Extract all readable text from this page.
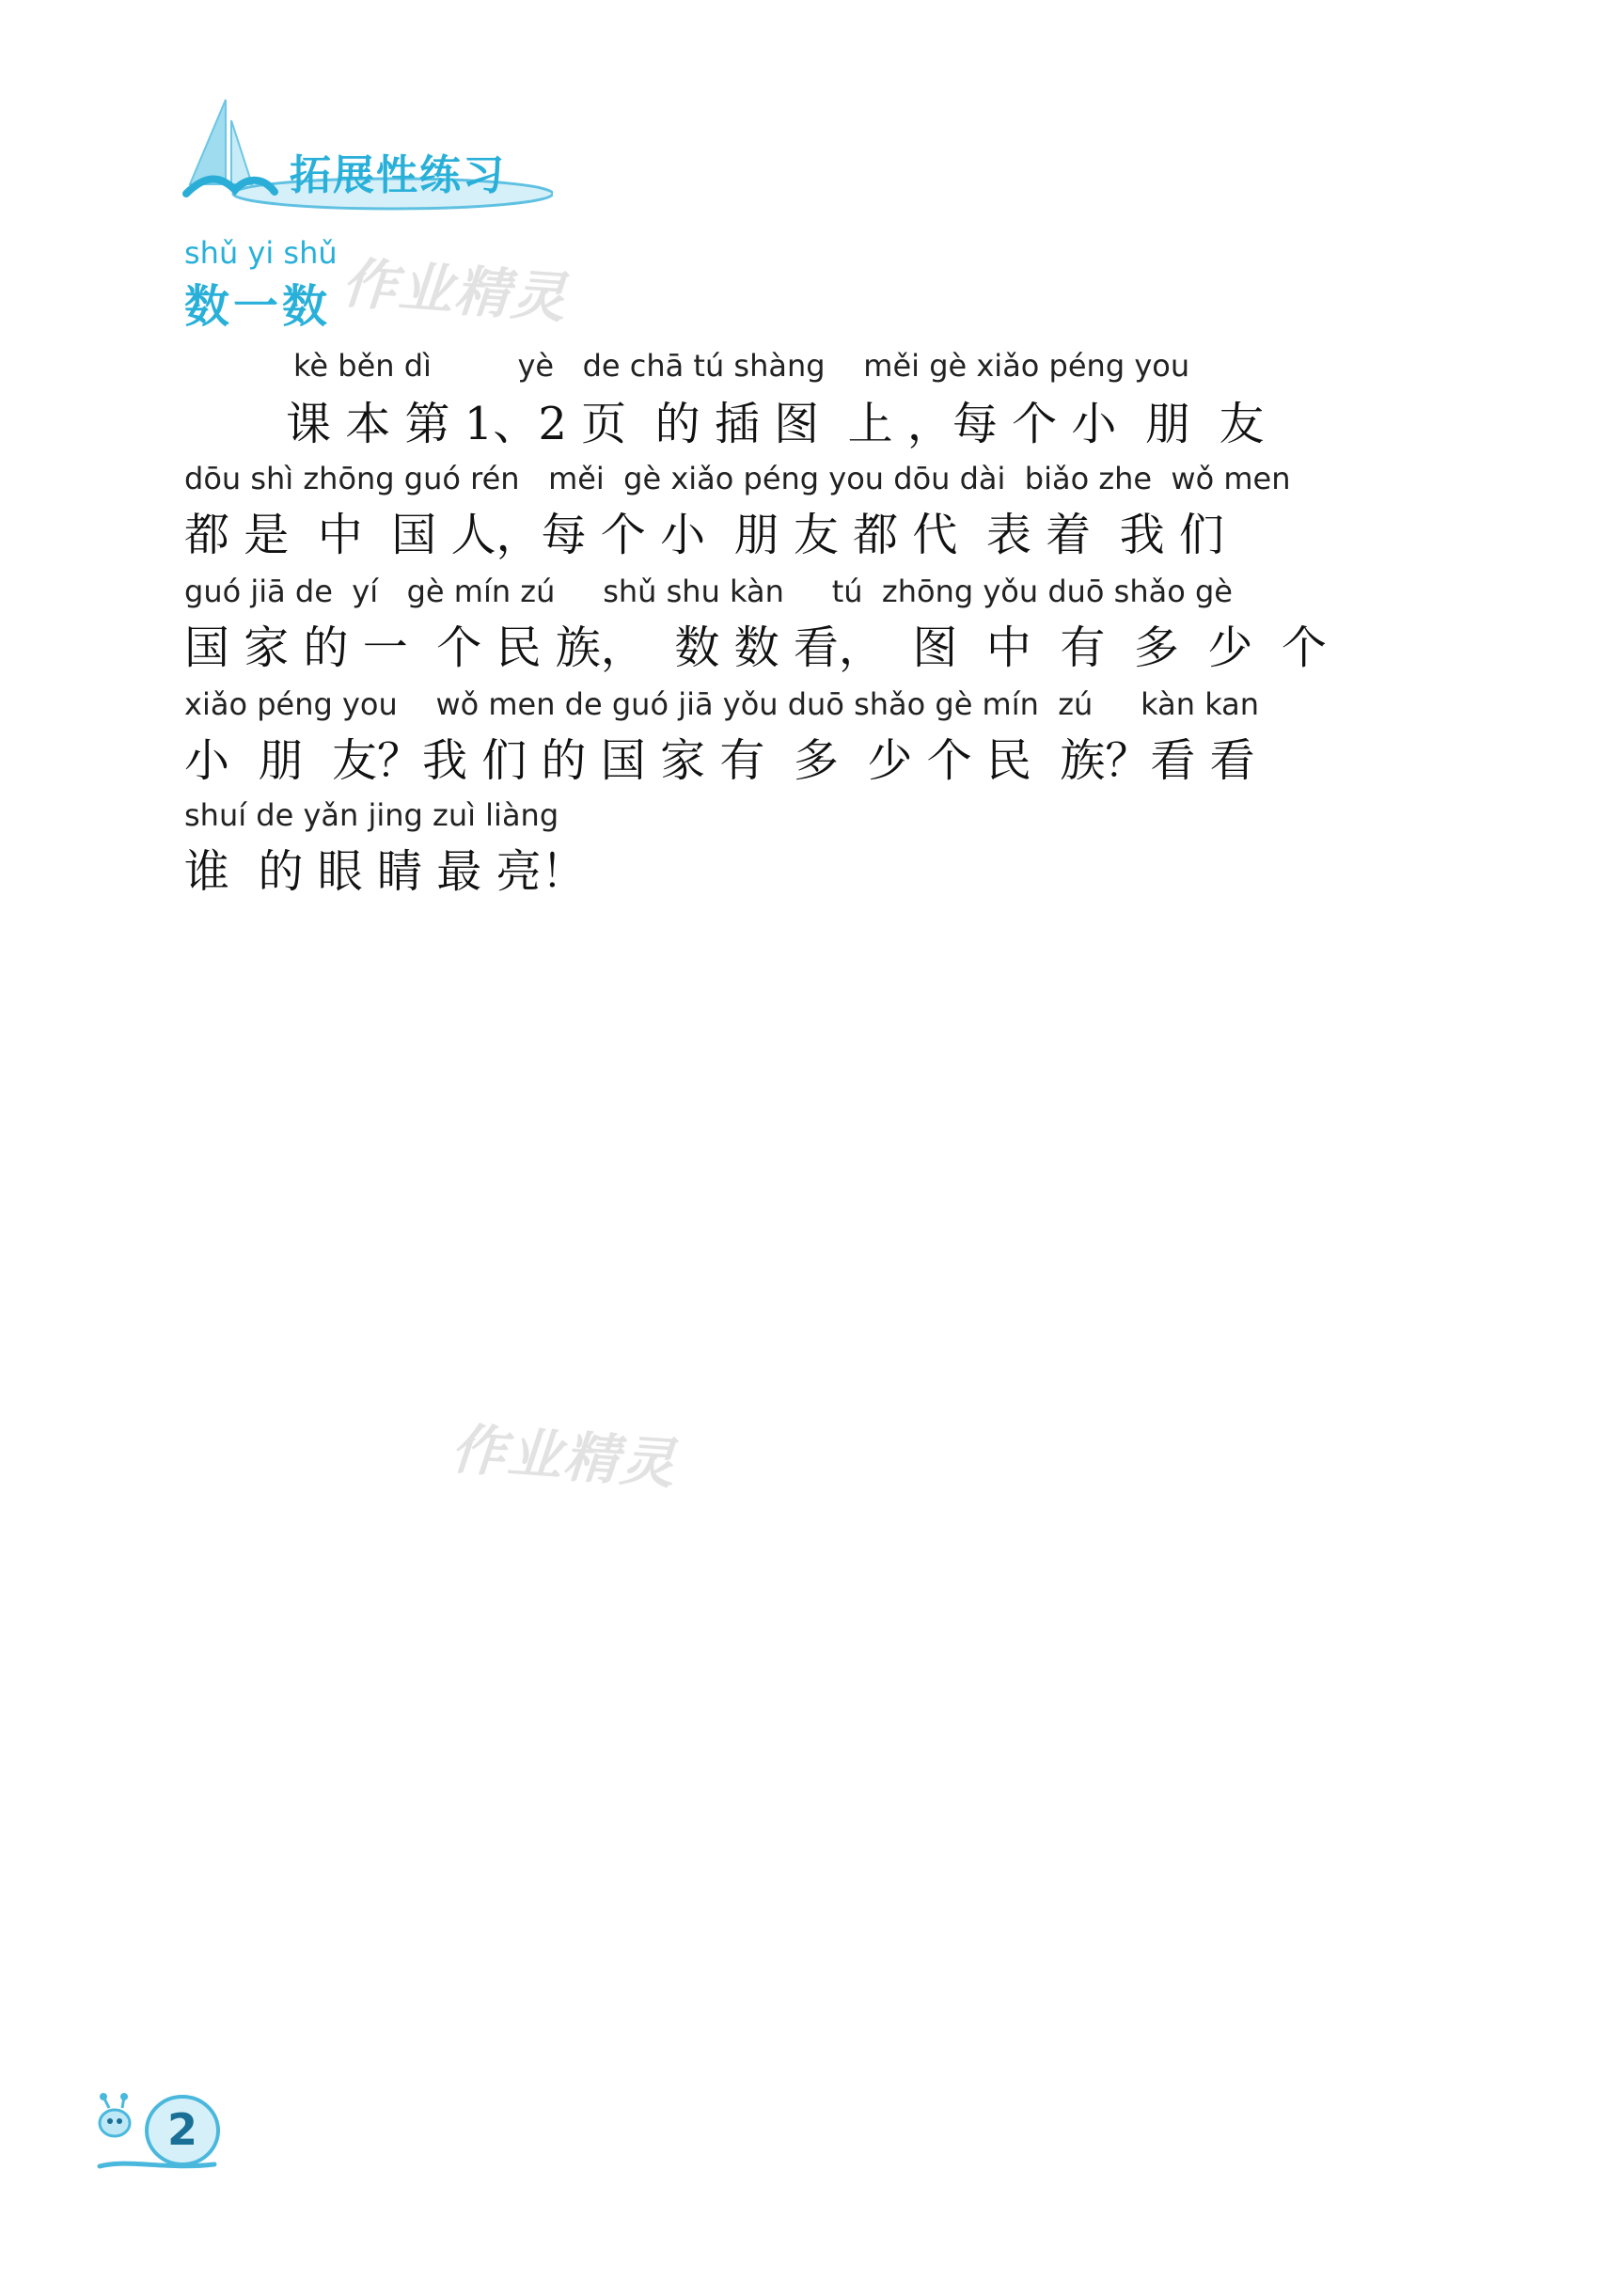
拓展性练习
shǔ yi shǔ
数一数
kè běn dì         yè   de chā tú shàng    měi gè xiǎo péng you
课 本 第 1、2 页  的 插 图  上 ，每 个 小  朋  友
dōu shì zhōng guó rén   měi  gè xiǎo péng you dōu dài  biǎo zhe  wǒ men
都 是  中  国 人，每 个 小  朋 友 都 代  表 着  我 们
guó jiā de  yí   gè mín zú     shǔ shu kàn     tú  zhōng yǒu duō shǎo gè
国 家 的 一  个 民 族，  数 数 看，  图  中  有  多  少  个
xiǎo péng you    wǒ men de guó jiā yǒu duō shǎo gè mín  zú     kàn kan
小  朋  友？我 们 的 国 家 有  多  少 个 民  族？看 看
shuí de yǎn jing zuì liàng
谁  的 眼 睛 最 亮！
作业精灵
作业精灵
2
